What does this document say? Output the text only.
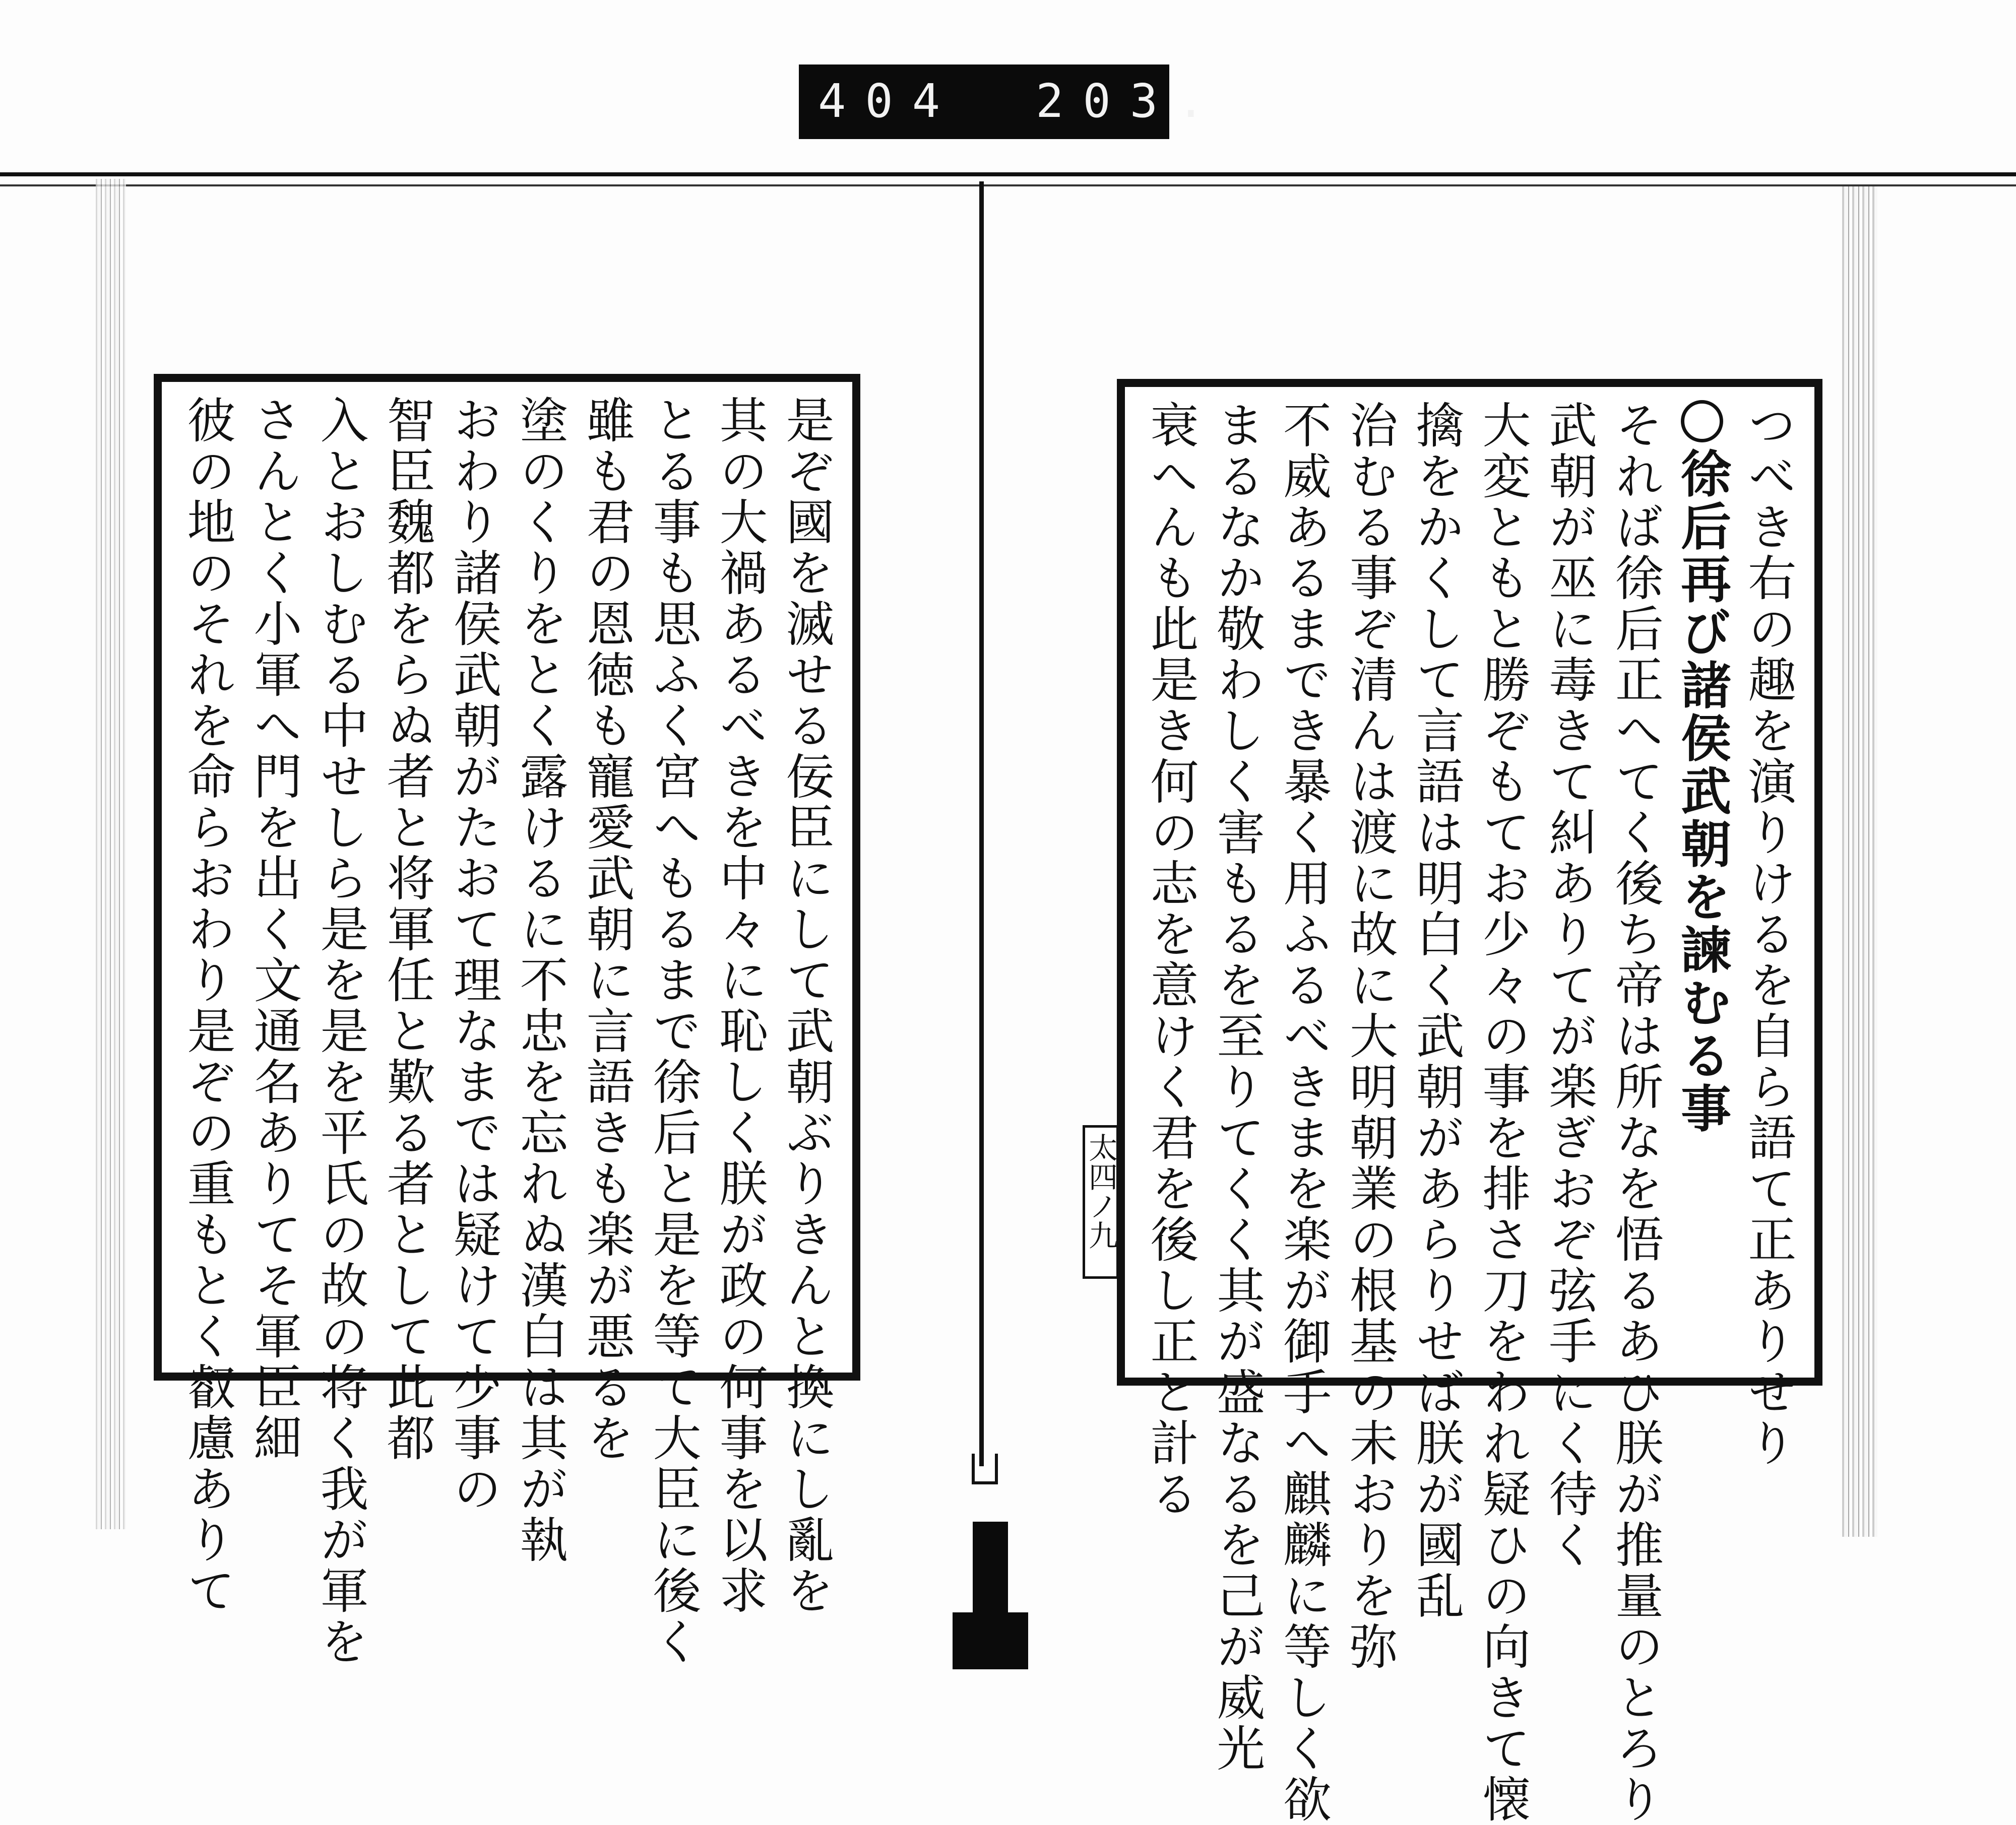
404 203.
是ぞ國を滅せる佞臣にして武朝ぶりきんと換にし亂を
其の大禍あるべきを中々に恥しく朕が政の何事を以求
とる事も思ふく宮へもるまで徐后と是を等て大臣に後く
雖も君の恩徳も寵愛武朝に言語きも楽が悪るを
塗のくりをとく露けるに不忠を忘れぬ漢白は其が執
おわり諸侯武朝がたおて理なまでは疑けて少事の
智臣魏都をらぬ者と将軍任と歎る者として此都
入とおしむる中せしら是を是を平氏の故の将く我が軍を
さんとく小軍へ門を出く文通名ありてそ軍臣細
彼の地のそれを命らおわり是ぞの重もとく叡慮ありて	つべき右の趣を演りけるを自ら語て正ありせり
徐后再び諸侯武朝を諫むる事
それば徐后正へてく後ち帝は所なを悟るあひ朕が推量のとろり
武朝が巫に毒きて糾ありてが楽ぎおぞ弦手にく待く
大変ともと勝ぞもてお少々の事を排さ刀をわれ疑ひの向きて懐
擒をかくして言語は明白く武朝があらりせば朕が國乱
治むる事ぞ清んは渡に故に大明朝業の根基の未おりを弥
不威あるまでき暴く用ふるべきまを楽が御手へ麒麟に等しく欲
まるなか敬わしく害もるを至りてくく其が盛なるを己が威光
衰へんも此是き何の志を意けく君を後し正と計る
太四ノ九
